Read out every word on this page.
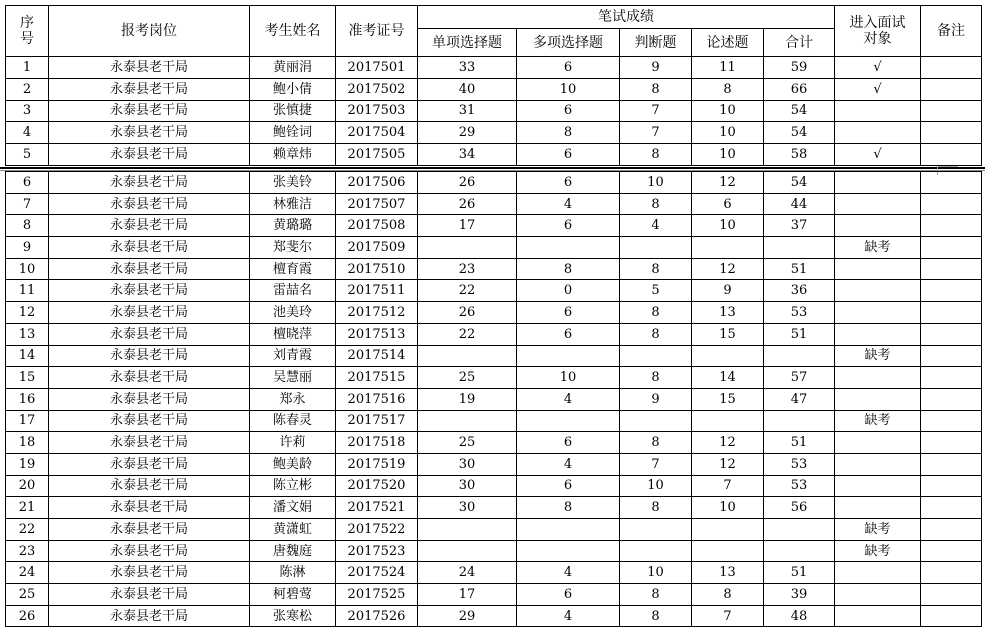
序号	报考岗位	考生姓名	准考证号	笔试成绩					进入面试对象	备注
				单项选择题	多项选择题	判断题	论述题	合计		
1	永泰县老干局	黄丽涓	2017501	33	6	9	11	59	√	
2	永泰县老干局	鲍小倩	2017502	40	10	8	8	66	√	
3	永泰县老干局	张慎捷	2017503	31	6	7	10	54		
4	永泰县老干局	鲍铨词	2017504	29	8	7	10	54		
5	永泰县老干局	赖章炜	2017505	34	6	8	10	58	√	
6	永泰县老干局	张美铃	2017506	26	6	10	12	54		
7	永泰县老干局	林雅洁	2017507	26	4	8	6	44		
8	永泰县老干局	黄璐璐	2017508	17	6	4	10	37		
9	永泰县老干局	郑斐尔	2017509						缺考	
10	永泰县老干局	檀育霞	2017510	23	8	8	12	51		
11	永泰县老干局	雷喆名	2017511	22	0	5	9	36		
12	永泰县老干局	池美玲	2017512	26	6	8	13	53		
13	永泰县老干局	檀晓萍	2017513	22	6	8	15	51		
14	永泰县老干局	刘青霞	2017514						缺考	
15	永泰县老干局	吴慧丽	2017515	25	10	8	14	57		
16	永泰县老干局	郑永	2017516	19	4	9	15	47		
17	永泰县老干局	陈春灵	2017517						缺考	
18	永泰县老干局	许莉	2017518	25	6	8	12	51		
19	永泰县老干局	鲍美龄	2017519	30	4	7	12	53		
20	永泰县老干局	陈立彬	2017520	30	6	10	7	53		
21	永泰县老干局	潘文娟	2017521	30	8	8	10	56		
22	永泰县老干局	黄潇虹	2017522						缺考	
23	永泰县老干局	唐魏庭	2017523						缺考	
24	永泰县老干局	陈淋	2017524	24	4	10	13	51		
25	永泰县老干局	柯碧莺	2017525	17	6	8	8	39		
26	永泰县老干局	张寒松	2017526	29	4	8	7	48		
